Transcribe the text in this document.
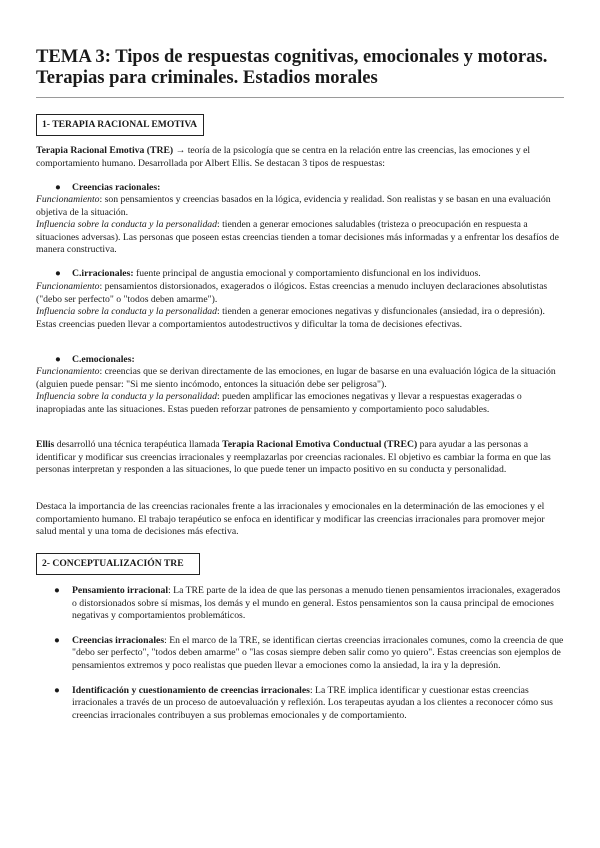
TEMA 3: Tipos de respuestas cognitivas, emocionales y motoras. Terapias para criminales. Estadios morales
1- TERAPIA RACIONAL EMOTIVA

Terapia Racional Emotiva (TRE) → teoría de la psicología que se centra en la relación entre las creencias, las emociones y el comportamiento humano. Desarrollada por Albert Ellis. Se destacan 3 tipos de respuestas:

● Creencias racionales:

Funcionamiento: son pensamientos y creencias basados en la lógica, evidencia y realidad. Son realistas y se basan en una evaluación objetiva de la situación.

Influencia sobre la conducta y la personalidad: tienden a generar emociones saludables (tristeza o preocupación en respuesta a situaciones adversas). Las personas que poseen estas creencias tienden a tomar decisiones más informadas y a enfrentar los desafíos de manera constructiva.

● C.irracionales: fuente principal de angustia emocional y comportamiento disfuncional en los individuos.

Funcionamiento: pensamientos distorsionados, exagerados o ilógicos. Estas creencias a menudo incluyen declaraciones absolutistas ("debo ser perfecto" o "todos deben amarme").

Influencia sobre la conducta y la personalidad: tienden a generar emociones negativas y disfuncionales (ansiedad, ira o depresión). Estas creencias pueden llevar a comportamientos autodestructivos y dificultar la toma de decisiones efectivas.

● C.emocionales:

Funcionamiento: creencias que se derivan directamente de las emociones, en lugar de basarse en una evaluación lógica de la situación (alguien puede pensar: "Si me siento incómodo, entonces la situación debe ser peligrosa").

Influencia sobre la conducta y la personalidad: pueden amplificar las emociones negativas y llevar a respuestas exageradas o inapropiadas ante las situaciones. Estas pueden reforzar patrones de pensamiento y comportamiento poco saludables.

Ellis desarrolló una técnica terapéutica llamada Terapia Racional Emotiva Conductual (TREC) para ayudar a las personas a identificar y modificar sus creencias irracionales y reemplazarlas por creencias racionales. El objetivo es cambiar la forma en que las personas interpretan y responden a las situaciones, lo que puede tener un impacto positivo en su conducta y personalidad.

Destaca la importancia de las creencias racionales frente a las irracionales y emocionales en la determinación de las emociones y el comportamiento humano. El trabajo terapéutico se enfoca en identificar y modificar las creencias irracionales para promover mejor salud mental y una toma de decisiones más efectiva.

2- CONCEPTUALIZACIÓN TRE
● Pensamiento irracional: La TRE parte de la idea de que las personas a menudo tienen pensamientos irracionales, exagerados o distorsionados sobre sí mismas, los demás y el mundo en general. Estos pensamientos son la causa principal de emociones negativas y comportamientos problemáticos.
● Creencias irracionales: En el marco de la TRE, se identifican ciertas creencias irracionales comunes, como la creencia de que "debo ser perfecto", "todos deben amarme" o "las cosas siempre deben salir como yo quiero". Estas creencias son ejemplos de pensamientos extremos y poco realistas que pueden llevar a emociones como la ansiedad, la ira y la depresión.
● Identificación y cuestionamiento de creencias irracionales: La TRE implica identificar y cuestionar estas creencias irracionales a través de un proceso de autoevaluación y reflexión. Los terapeutas ayudan a los clientes a reconocer cómo sus creencias irracionales contribuyen a sus problemas emocionales y de comportamiento.
